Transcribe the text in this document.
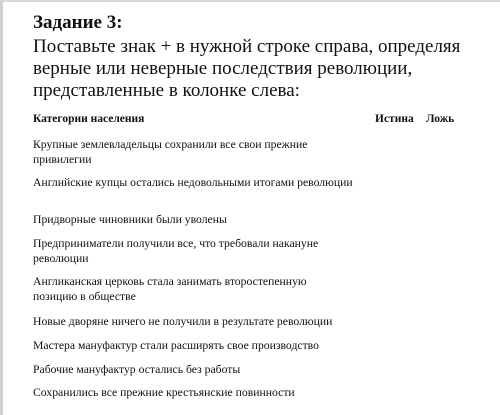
Задание 3:
Поставьте знак + в нужной строке справа, определяя верные или неверные последствия революции, представленные в колонке слева:
Категории населения	Истина Ложь
Крупные землевладельцы сохранили все свои прежние привилегии
Английские купцы остались недовольными итогами революции
Придворные чиновники были уволены
Предприниматели получили все, что требовали накануне революции
Англиканская церковь стала занимать второстепенную позицию в обществе
Новые дворяне ничего не получили в результате революции
Мастера мануфактур стали расширять свое производство
Рабочие мануфактур остались без работы
Сохранились все прежние крестьянские повинности
